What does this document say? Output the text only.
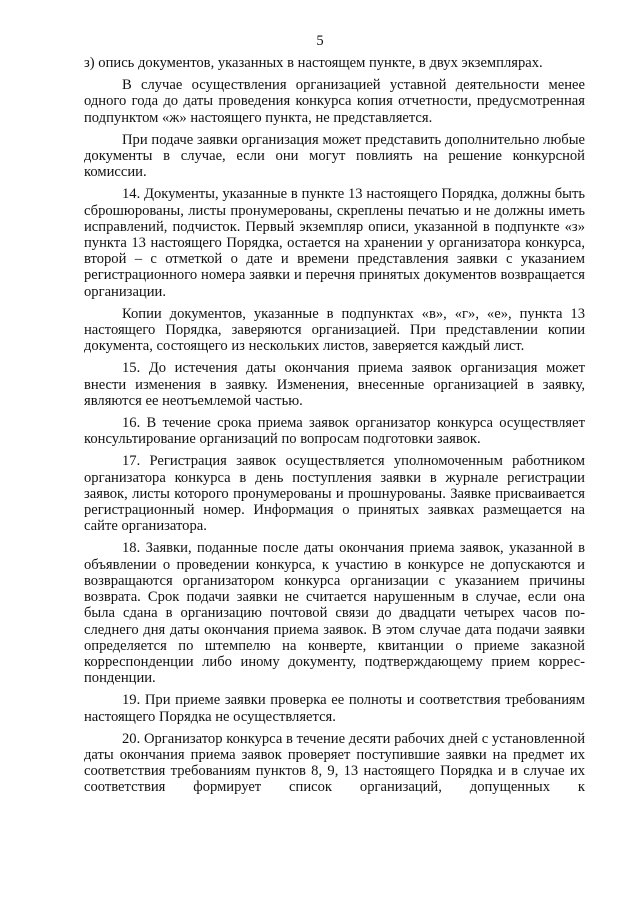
5

з) опись документов, указанных в настоящем пункте, в двух экземплярах.

В случае осуществления организацией уставной деятельности менее одного года до даты проведения конкурса копия отчетности, предусмотренная подпунктом «ж» настоящего пункта, не представляется.

При подаче заявки организация может представить дополнительно любые документы в случае, если они могут повлиять на решение конкурсной комиссии.

14. Документы, указанные в пункте 13 настоящего Порядка, должны быть сброшюрованы, листы пронумерованы, скреплены печатью и не должны иметь исправлений, подчисток. Первый экземпляр описи, указанной в подпункте «з» пункта 13 настоящего Порядка, остается на хранении у организатора конкурса, второй – с отметкой о дате и времени представления заявки с указанием регистрационного номера заявки и перечня принятых документов возвращается организации.

Копии документов, указанные в подпунктах «в», «г», «е», пункта 13 настоящего Порядка, заверяются организацией. При представлении копии документа, состоящего из нескольких листов, заверяется каждый лист.

15. До истечения даты окончания приема заявок организация может внести изменения в заявку. Изменения, внесенные организацией в заявку, являются ее неотъемлемой частью.

16. В течение срока приема заявок организатор конкурса осуществляет консультирование организаций по вопросам подготовки заявок.

17. Регистрация заявок осуществляется уполномоченным работником организатора конкурса в день поступления заявки в журнале регистрации заявок, листы которого пронумерованы и прошнурованы. Заявке присваивается регистрационный номер. Информация о принятых заявках размещается на сайте организатора.

18. Заявки, поданные после даты окончания приема заявок, указанной в объявлении о проведении конкурса, к участию в конкурсе не допускаются и возвращаются организатором конкурса организации с указанием причины возврата. Срок подачи заявки не считается нарушенным в случае, если она была сдана в организацию почтовой связи до двадцати четырех часов последнего дня даты окончания приема заявок. В этом случае дата подачи заявки определяется по штемпелю на конверте, квитанции о приеме заказной корреспонденции либо иному документу, подтверждающему прием корреспонденции.

19. При приеме заявки проверка ее полноты и соответствия требованиям настоящего Порядка не осуществляется.

20. Организатор конкурса в течение десяти рабочих дней с установленной даты окончания приема заявок проверяет поступившие заявки на предмет их соответствия требованиям пунктов 8, 9, 13 настоящего Порядка и в случае их соответствия формирует список организаций, допущенных к
